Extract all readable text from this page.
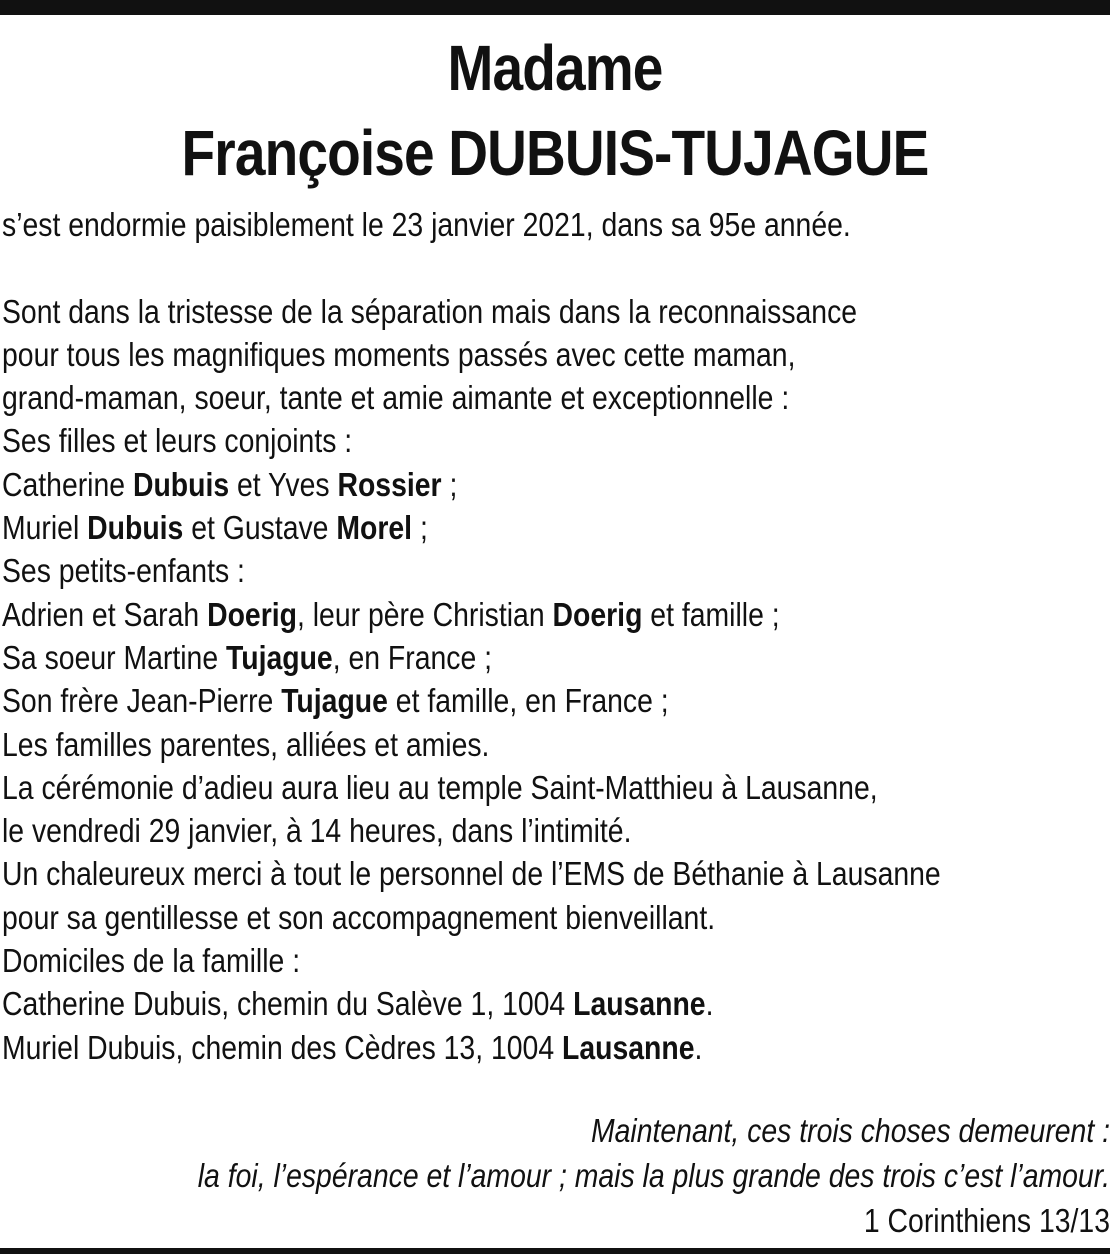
Madame
Françoise DUBUIS-TUJAGUE
s’est endormie paisiblement le 23 janvier 2021, dans sa 95e année.
Sont dans la tristesse de la séparation mais dans la reconnaissance
pour tous les magnifiques moments passés avec cette maman,
grand-maman, soeur, tante et amie aimante et exceptionnelle :
Ses filles et leurs conjoints :
Catherine Dubuis et Yves Rossier ;
Muriel Dubuis et Gustave Morel ;
Ses petits-enfants :
Adrien et Sarah Doerig, leur père Christian Doerig et famille ;
Sa soeur Martine Tujague, en France ;
Son frère Jean-Pierre Tujague et famille, en France ;
Les familles parentes, alliées et amies.
La cérémonie d’adieu aura lieu au temple Saint-Matthieu à Lausanne,
le vendredi 29 janvier, à 14 heures, dans l’intimité.
Un chaleureux merci à tout le personnel de l’EMS de Béthanie à Lausanne
pour sa gentillesse et son accompagnement bienveillant.
Domiciles de la famille :
Catherine Dubuis, chemin du Salève 1, 1004 Lausanne.
Muriel Dubuis, chemin des Cèdres 13, 1004 Lausanne.
Maintenant, ces trois choses demeurent :
la foi, l’espérance et l’amour ; mais la plus grande des trois c’est l’amour.
1 Corinthiens 13/13
